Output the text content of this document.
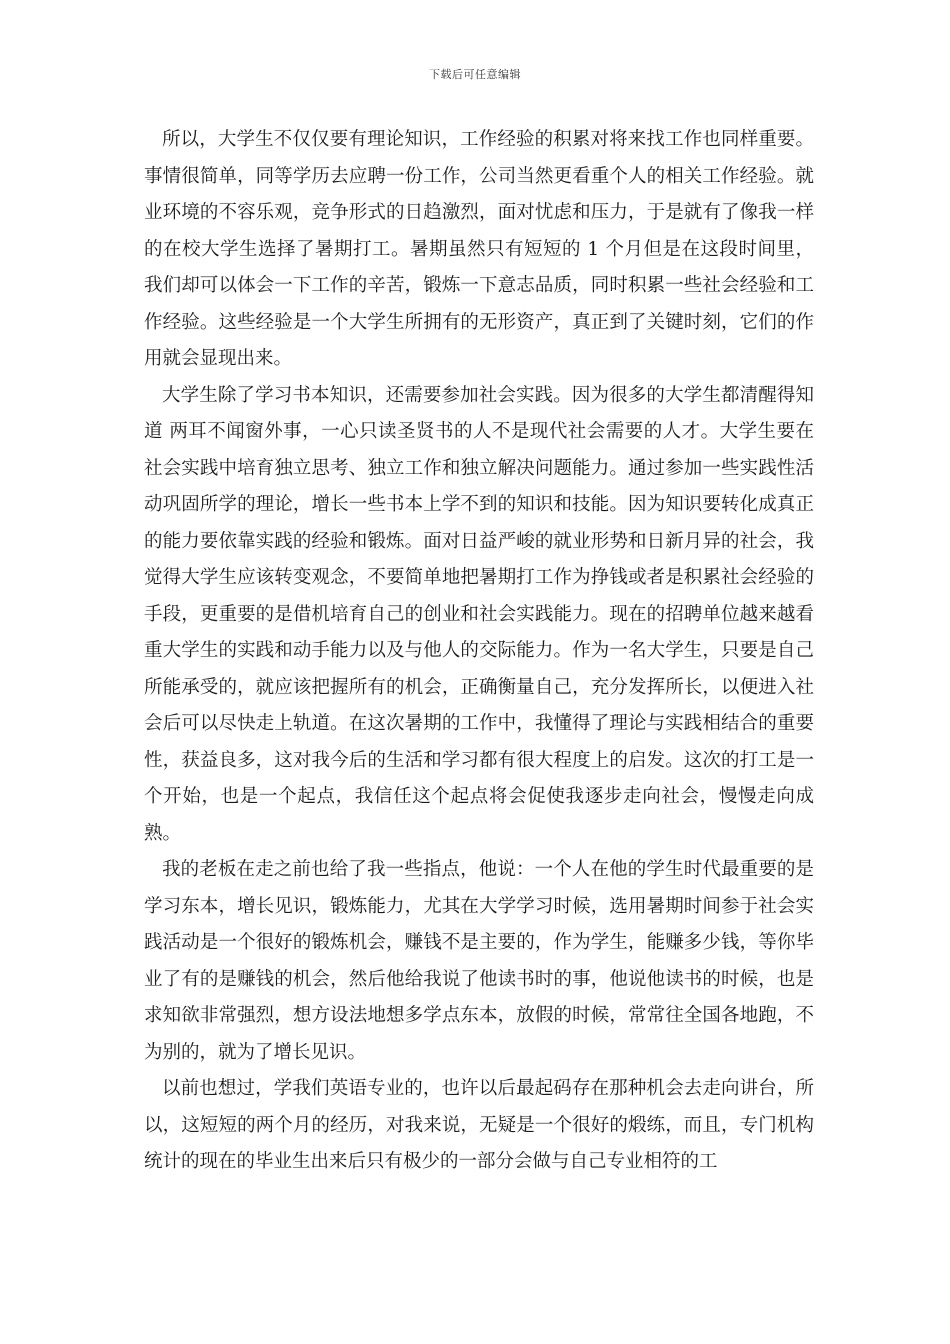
下载后可任意编辑

所以，大学生不仅仅要有理论知识，工作经验的积累对将来找工作也同样重要。事情很简单，同等学历去应聘一份工作，公司当然更看重个人的相关工作经验。就业环境的不容乐观，竞争形式的日趋激烈，面对忧虑和压力，于是就有了像我一样的在校大学生选择了暑期打工。暑期虽然只有短短的 1 个月但是在这段时间里，我们却可以体会一下工作的辛苦，锻炼一下意志品质，同时积累一些社会经验和工作经验。这些经验是一个大学生所拥有的无形资产，真正到了关键时刻，它们的作用就会显现出来。

大学生除了学习书本知识，还需要参加社会实践。因为很多的大学生都清醒得知道 两耳不闻窗外事，一心只读圣贤书的人不是现代社会需要的人才。大学生要在社会实践中培育独立思考、独立工作和独立解决问题能力。通过参加一些实践性活动巩固所学的理论，增长一些书本上学不到的知识和技能。因为知识要转化成真正的能力要依靠实践的经验和锻炼。面对日益严峻的就业形势和日新月异的社会，我觉得大学生应该转变观念，不要简单地把暑期打工作为挣钱或者是积累社会经验的手段，更重要的是借机培育自己的创业和社会实践能力。现在的招聘单位越来越看重大学生的实践和动手能力以及与他人的交际能力。作为一名大学生，只要是自己所能承受的，就应该把握所有的机会，正确衡量自己，充分发挥所长，以便进入社会后可以尽快走上轨道。在这次暑期的工作中，我懂得了理论与实践相结合的重要性，获益良多，这对我今后的生活和学习都有很大程度上的启发。这次的打工是一个开始，也是一个起点，我信任这个起点将会促使我逐步走向社会，慢慢走向成熟。

我的老板在走之前也给了我一些指点，他说：一个人在他的学生时代最重要的是学习东本，增长见识，锻炼能力，尤其在大学学习时候，选用暑期时间参于社会实践活动是一个很好的锻炼机会，赚钱不是主要的，作为学生，能赚多少钱，等你毕业了有的是赚钱的机会，然后他给我说了他读书时的事，他说他读书的时候，也是求知欲非常强烈，想方设法地想多学点东本，放假的时候，常常往全国各地跑，不为别的，就为了增长见识。

以前也想过，学我们英语专业的，也许以后最起码存在那种机会去走向讲台，所以，这短短的两个月的经历，对我来说，无疑是一个很好的煅练，而且，专门机构统计的现在的毕业生出来后只有极少的一部分会做与自己专业相符的工
